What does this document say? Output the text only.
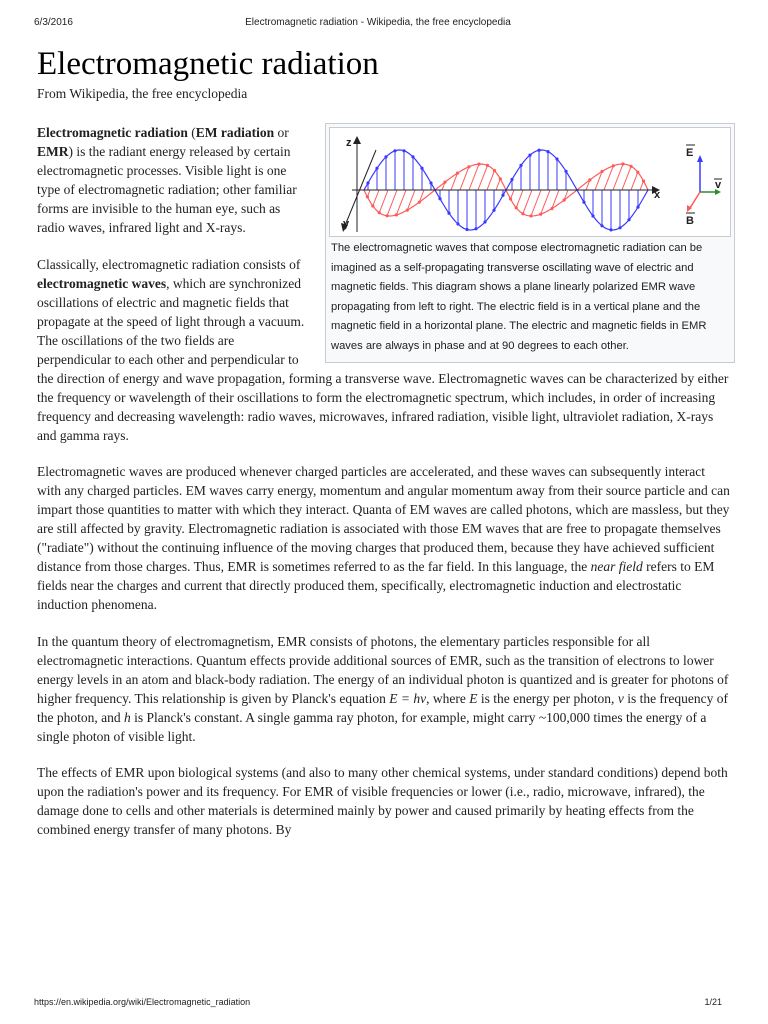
6/3/2016	Electromagnetic radiation - Wikipedia, the free encyclopedia
Electromagnetic radiation
From Wikipedia, the free encyclopedia
z
y
x
E
v
B
The electromagnetic waves that compose electromagnetic radiation can be imagined as a self-propagating transverse oscillating wave of electric and magnetic fields. This diagram shows a plane linearly polarized EMR wave propagating from left to right. The electric field is in a vertical plane and the magnetic field in a horizontal plane. The electric and magnetic fields in EMR waves are always in phase and at 90 degrees to each other.

Electromagnetic radiation (EM radiation or EMR) is the radiant energy released by certain electromagnetic processes. Visible light is one type of electromagnetic radiation; other familiar forms are invisible to the human eye, such as radio waves, infrared light and X-rays.

Classically, electromagnetic radiation consists of electromagnetic waves, which are synchronized oscillations of electric and magnetic fields that propagate at the speed of light through a vacuum. The oscillations of the two fields are perpendicular to each other and perpendicular to the direction of energy and wave propagation, forming a transverse wave. Electromagnetic waves can be characterized by either the frequency or wavelength of their oscillations to form the electromagnetic spectrum, which includes, in order of increasing frequency and decreasing wavelength: radio waves, microwaves, infrared radiation, visible light, ultraviolet radiation, X-rays and gamma rays.

Electromagnetic waves are produced whenever charged particles are accelerated, and these waves can subsequently interact with any charged particles. EM waves carry energy, momentum and angular momentum away from their source particle and can impart those quantities to matter with which they interact. Quanta of EM waves are called photons, which are massless, but they are still affected by gravity. Electromagnetic radiation is associated with those EM waves that are free to propagate themselves ("radiate") without the continuing influence of the moving charges that produced them, because they have achieved sufficient distance from those charges. Thus, EMR is sometimes referred to as the far field. In this language, the near field refers to EM fields near the charges and current that directly produced them, specifically, electromagnetic induction and electrostatic induction phenomena.

In the quantum theory of electromagnetism, EMR consists of photons, the elementary particles responsible for all electromagnetic interactions. Quantum effects provide additional sources of EMR, such as the transition of electrons to lower energy levels in an atom and black-body radiation. The energy of an individual photon is quantized and is greater for photons of higher frequency. This relationship is given by Planck's equation E = hν, where E is the energy per photon, ν is the frequency of the photon, and h is Planck's constant. A single gamma ray photon, for example, might carry ~100,000 times the energy of a single photon of visible light.

The effects of EMR upon biological systems (and also to many other chemical systems, under standard conditions) depend both upon the radiation's power and its frequency. For EMR of visible frequencies or lower (i.e., radio, microwave, infrared), the damage done to cells and other materials is determined mainly by power and caused primarily by heating effects from the combined energy transfer of many photons. By

https://en.wikipedia.org/wiki/Electromagnetic_radiation	1/21
